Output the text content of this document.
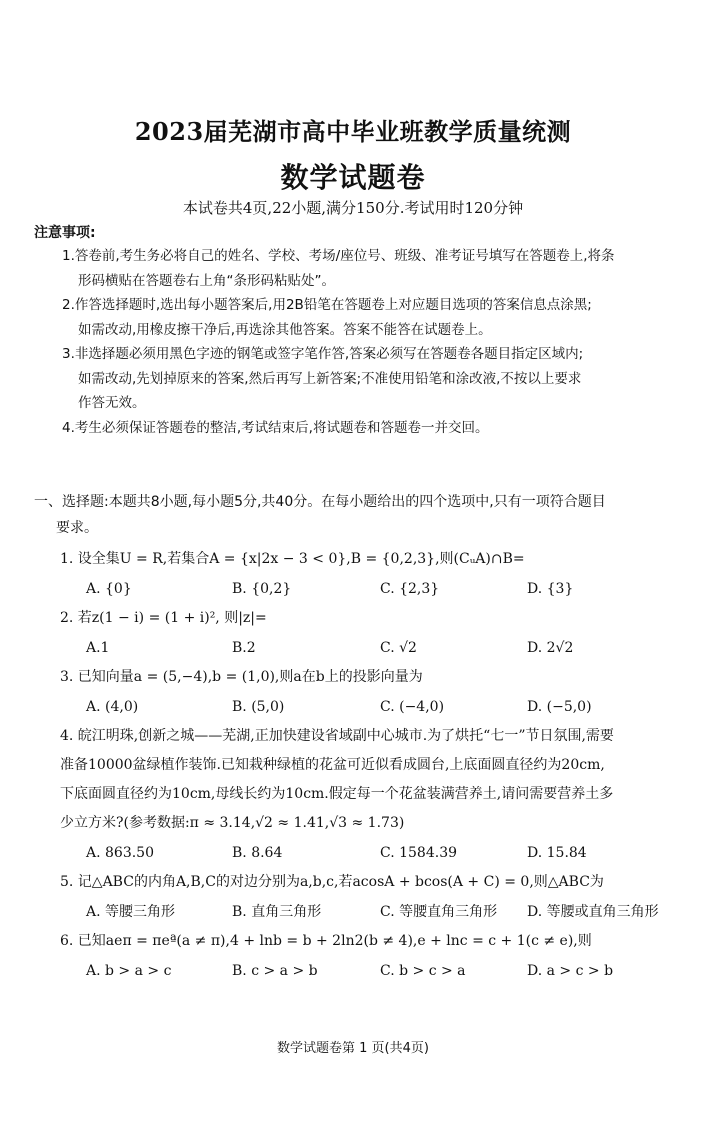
2023届芜湖市高中毕业班教学质量统测
数学试题卷
本试卷共4页,22小题,满分150分.考试用时120分钟
注意事项:
1.答卷前,考生务必将自己的姓名、学校、考场/座位号、班级、准考证号填写在答题卷上,将条
形码横贴在答题卷右上角“条形码粘贴处”。
2.作答选择题时,选出每小题答案后,用2B铅笔在答题卷上对应题目选项的答案信息点涂黑;
如需改动,用橡皮擦干净后,再选涂其他答案。答案不能答在试题卷上。
3.非选择题必须用黑色字迹的钢笔或签字笔作答,答案必须写在答题卷各题目指定区域内;
如需改动,先划掉原来的答案,然后再写上新答案;不准使用铅笔和涂改液,不按以上要求
作答无效。
4.考生必须保证答题卷的整洁,考试结束后,将试题卷和答题卷一并交回。
一、选择题:本题共8小题,每小题5分,共40分。在每小题给出的四个选项中,只有一项符合题目
要求。
1. 设全集U = R,若集合A = {x|2x − 3 < 0},B = {0,2,3},则(CᵤA)∩B=
A. {0}	B. {0,2}	C. {2,3}	D. {3}
2. 若z(1 − i) = (1 + i)², 则|z|=
A.1	B.2	C. √2	D. 2√2
3. 已知向量a = (5,−4),b = (1,0),则a在b上的投影向量为
A. (4,0)	B. (5,0)	C. (−4,0)	D. (−5,0)
4. 皖江明珠,创新之城——芜湖,正加快建设省域副中心城市.为了烘托“七一”节日氛围,需要
准备10000盆绿植作装饰.已知栽种绿植的花盆可近似看成圆台,上底面圆直径约为20cm,
下底面圆直径约为10cm,母线长约为10cm.假定每一个花盆装满营养土,请问需要营养土多
少立方米?(参考数据:π ≈ 3.14,√2 ≈ 1.41,√3 ≈ 1.73)
A. 863.50	B. 8.64	C. 1584.39	D. 15.84
5. 记△ABC的内角A,B,C的对边分别为a,b,c,若acosA + bcos(A + C) = 0,则△ABC为
A. 等腰三角形	B. 直角三角形	C. 等腰直角三角形 D. 等腰或直角三角形
6. 已知aeπ = πeª(a ≠ π),4 + lnb = b + 2ln2(b ≠ 4),e + lnc = c + 1(c ≠ e),则
A. b > a > c	B. c > a > b	C. b > c > a	D. a > c > b
数学试题卷第 1 页(共4页)
